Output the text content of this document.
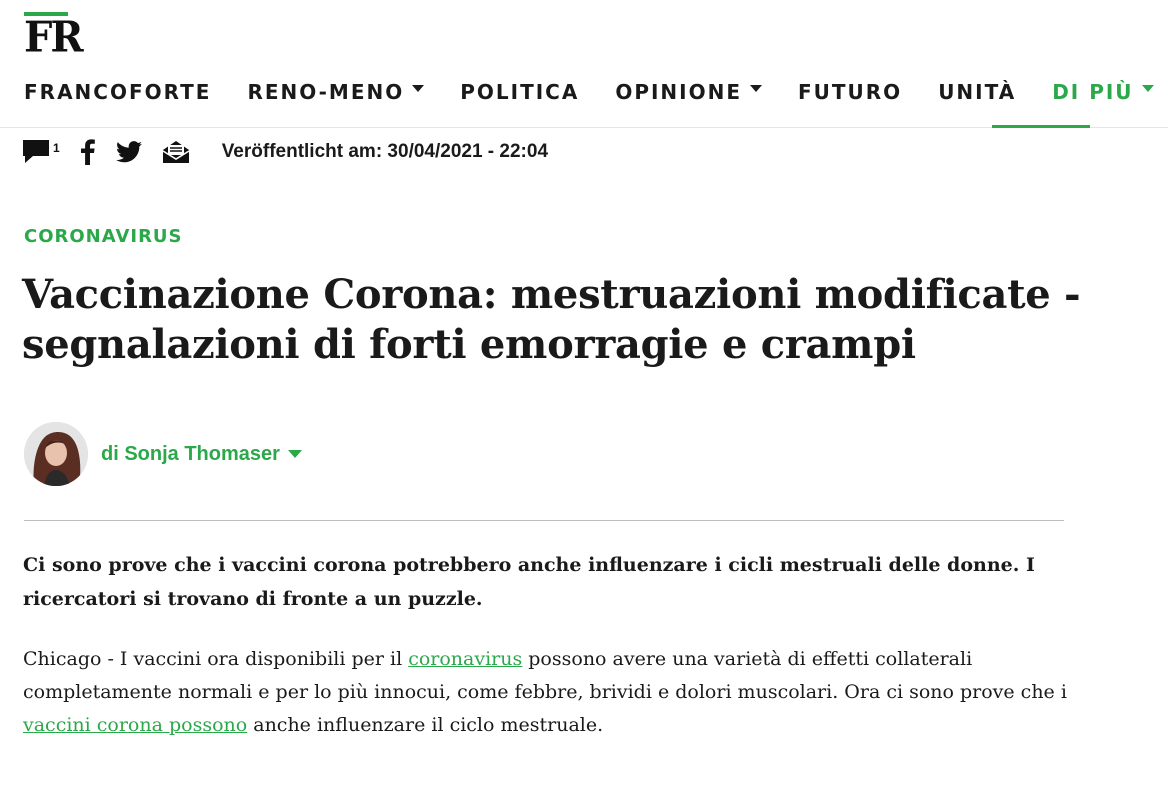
FR
FRANCOFORTE RENO-MENO	POLITICA OPINIONE	FUTURO UNITÀ DI PIÙ
1	Veröffentlicht am: 30/04/2021 - 22:04
CORONAVIRUS
Vaccinazione Corona: mestruazioni modificate - segnalazioni di forti emorragie e crampi
di Sonja Thomaser

Ci sono prove che i vaccini corona potrebbero anche influenzare i cicli mestruali delle donne. I ricercatori si trovano di fronte a un puzzle.

Chicago - I vaccini ora disponibili per il coronavirus possono avere una varietà di effetti collaterali completamente normali e per lo più innocui, come febbre, brividi e dolori muscolari. Ora ci sono prove che i vaccini corona possono anche influenzare il ciclo mestruale.
